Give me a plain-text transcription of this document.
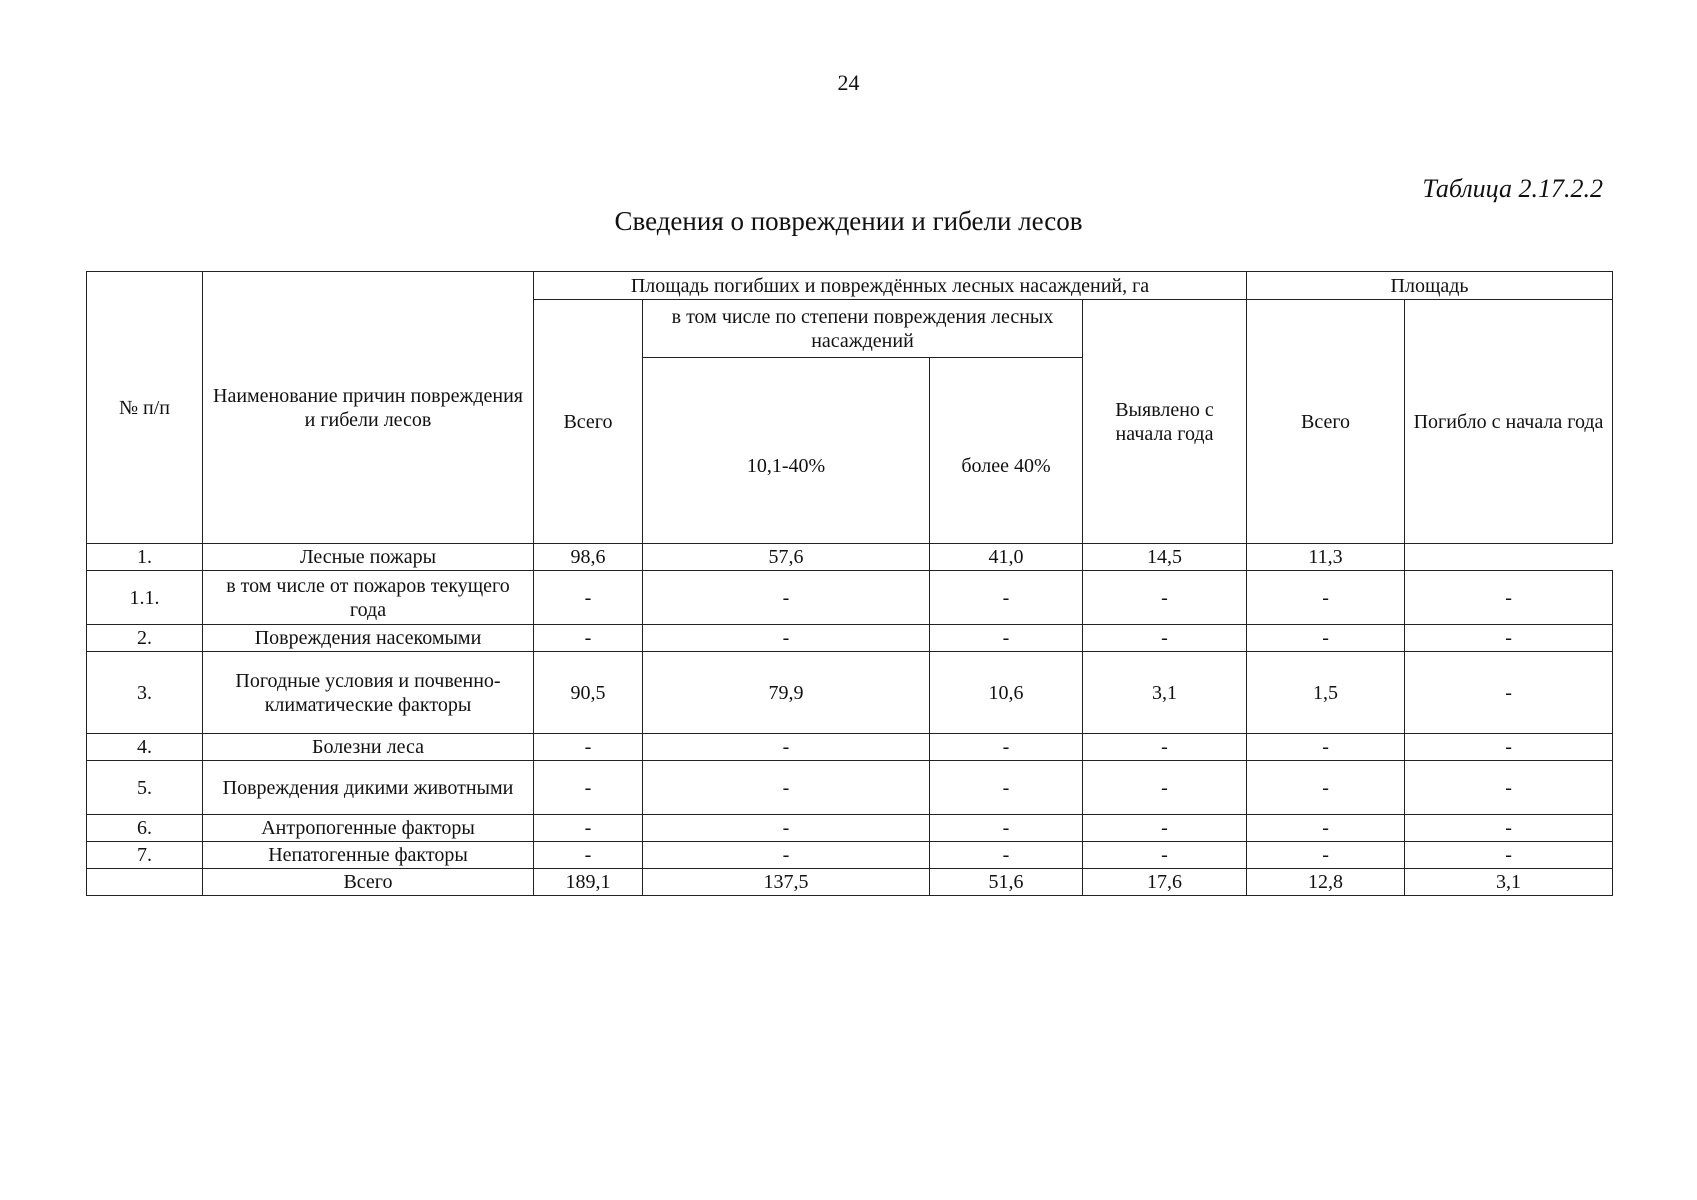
24
Таблица 2.17.2.2
Сведения о повреждении и гибели лесов
№ п/п	Наименование причин повреждения и гибели лесов	Площадь погибших и повреждённых лесных насаждений, га				Площадь	
		Всего	в том числе по степени повреждения лесных насаждений		Выявлено с начала года	Всего	Погибло с начала года
			10,1-40%	более 40%			
1.	Лесные пожары	98,6	57,6	41,0	14,5	11,3	
1.1.	в том числе от пожаров текущего года	-	-	-	-	-	-
2.	Повреждения насекомыми	-	-	-	-	-	-
3.	Погодные условия и почвенно-климатические факторы	90,5	79,9	10,6	3,1	1,5	-
4.	Болезни леса	-	-	-	-	-	-
5.	Повреждения дикими животными	-	-	-	-	-	-
6.	Антропогенные факторы	-	-	-	-	-	-
7.	Непатогенные факторы	-	-	-	-	-	-
	Всего	189,1	137,5	51,6	17,6	12,8	3,1
